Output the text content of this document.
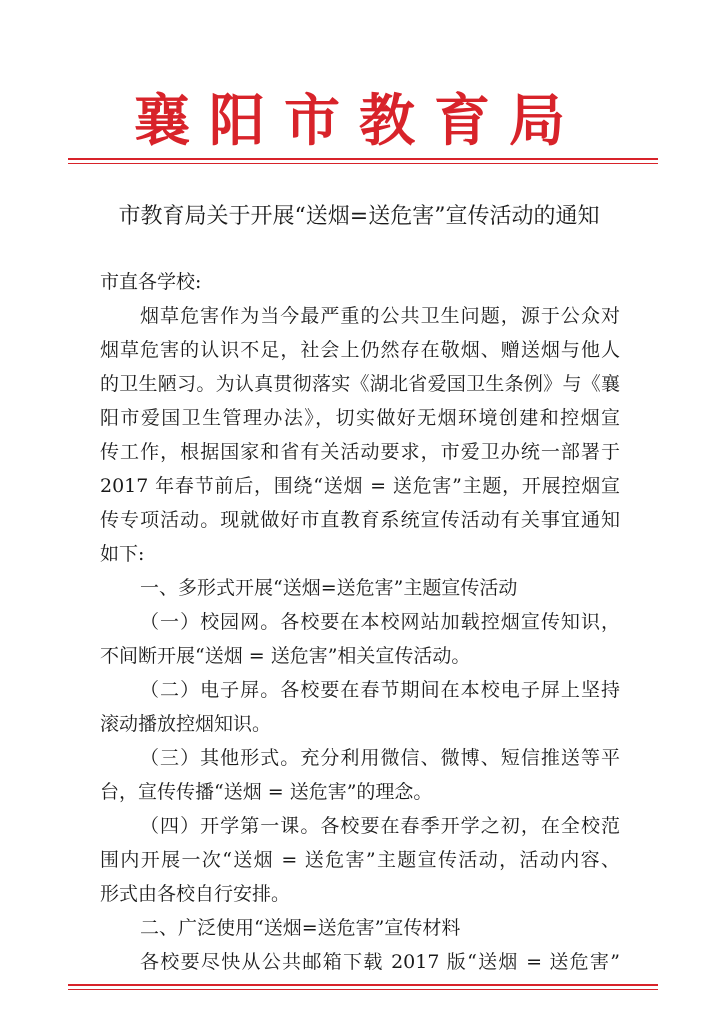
襄阳市教育局
市教育局关于开展“送烟=送危害”宣传活动的通知
市直各学校:
烟草危害作为当今最严重的公共卫生问题，源于公众对
烟草危害的认识不足，社会上仍然存在敬烟、赠送烟与他人
的卫生陋习。为认真贯彻落实《湖北省爱国卫生条例》与《襄
阳市爱国卫生管理办法》，切实做好无烟环境创建和控烟宣
传工作，根据国家和省有关活动要求，市爱卫办统一部署于
2017 年春节前后，围绕“送烟 = 送危害”主题，开展控烟宣
传专项活动。现就做好市直教育系统宣传活动有关事宜通知
如下:
一、多形式开展“送烟=送危害”主题宣传活动
（一）校园网。各校要在本校网站加载控烟宣传知识，
不间断开展“送烟 = 送危害”相关宣传活动。
（二）电子屏。各校要在春节期间在本校电子屏上坚持
滚动播放控烟知识。
（三）其他形式。充分利用微信、微博、短信推送等平
台，宣传传播“送烟 = 送危害”的理念。
（四）开学第一课。各校要在春季开学之初，在全校范
围内开展一次“送烟 = 送危害”主题宣传活动，活动内容、
形式由各校自行安排。
二、广泛使用“送烟=送危害”宣传材料
各校要尽快从公共邮箱下载 2017 版“送烟 = 送危害”
